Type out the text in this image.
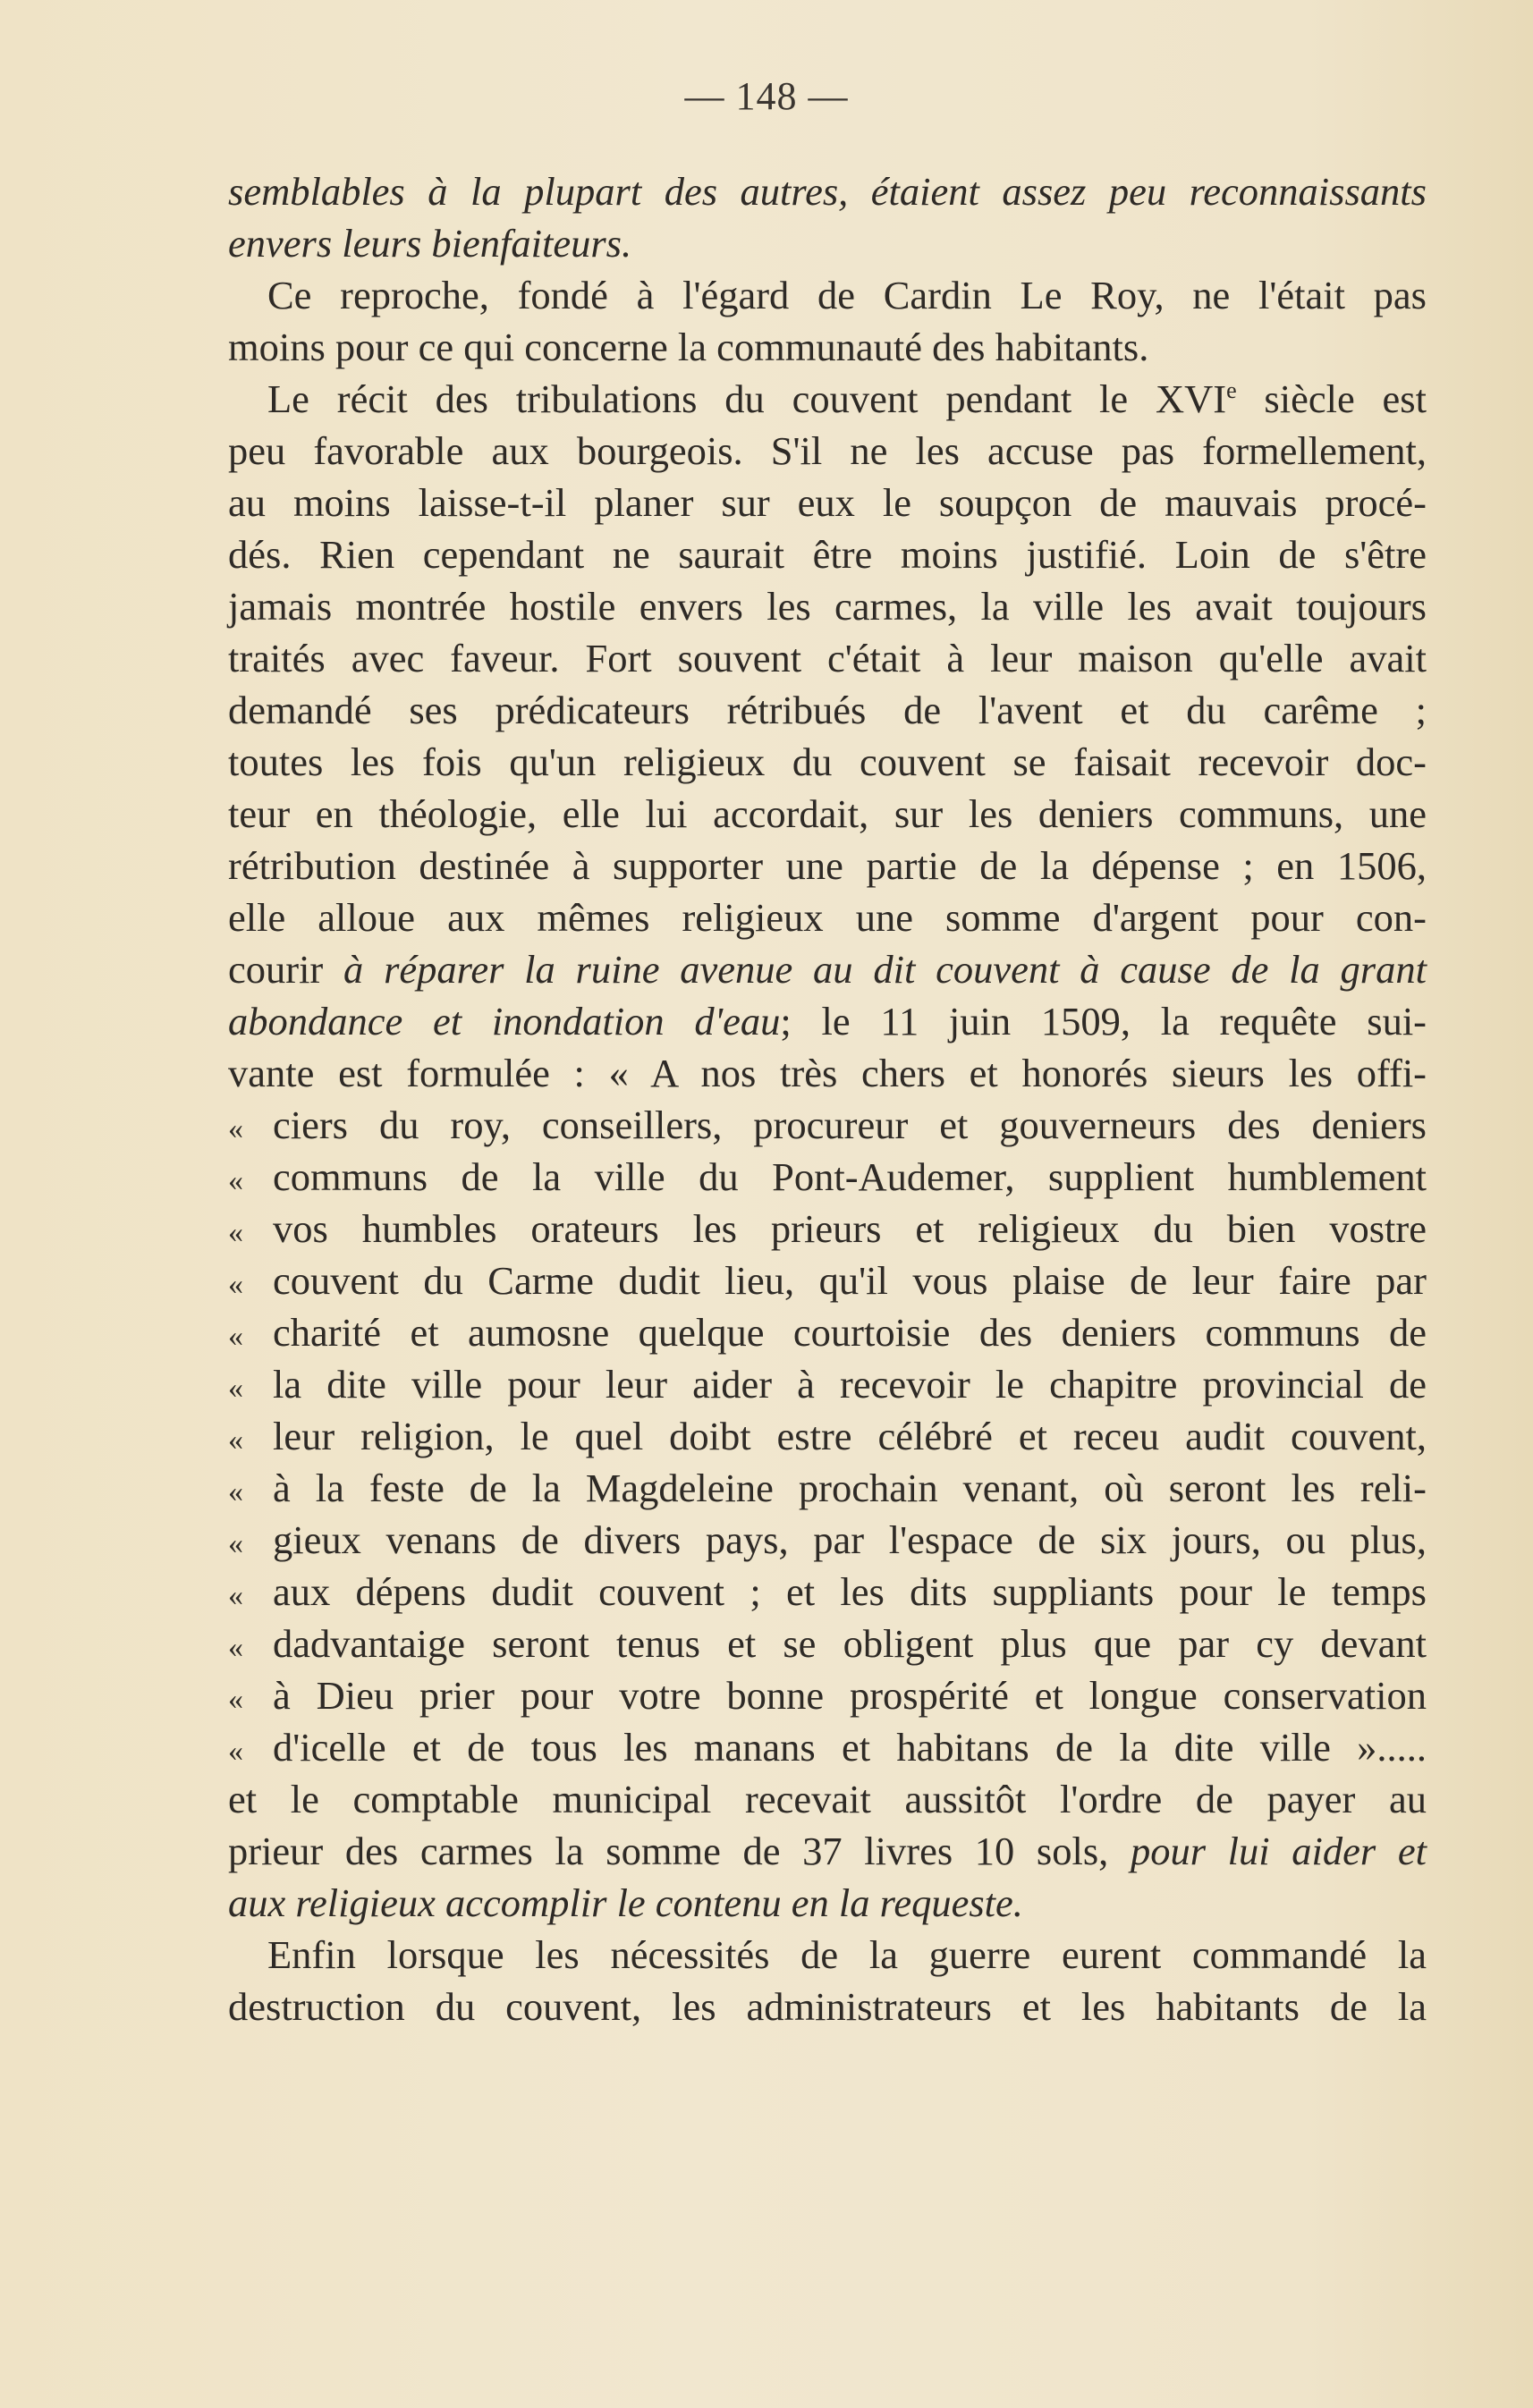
— 148 —
semblables à la plupart des autres, étaient assez peu reconnaissants
envers leurs bienfaiteurs.
Ce reproche, fondé à l'égard de Cardin Le Roy, ne l'était pas
moins pour ce qui concerne la communauté des habitants.
Le récit des tribulations du couvent pendant le XVIe siècle est
peu favorable aux bourgeois. S'il ne les accuse pas formellement,
au moins laisse-t-il planer sur eux le soupçon de mauvais procé-
dés. Rien cependant ne saurait être moins justifié. Loin de s'être
jamais montrée hostile envers les carmes, la ville les avait toujours
traités avec faveur. Fort souvent c'était à leur maison qu'elle avait
demandé ses prédicateurs rétribués de l'avent et du carême ;
toutes les fois qu'un religieux du couvent se faisait recevoir doc-
teur en théologie, elle lui accordait, sur les deniers communs, une
rétribution destinée à supporter une partie de la dépense ; en 1506,
elle alloue aux mêmes religieux une somme d'argent pour con-
courir à réparer la ruine avenue au dit couvent à cause de la grant
abondance et inondation d'eau; le 11 juin 1509, la requête sui-
vante est formulée : « A nos très chers et honorés sieurs les offi-
« ciers du roy, conseillers, procureur et gouverneurs des deniers
« communs de la ville du Pont-Audemer, supplient humblement
« vos humbles orateurs les prieurs et religieux du bien vostre
« couvent du Carme dudit lieu, qu'il vous plaise de leur faire par
« charité et aumosne quelque courtoisie des deniers communs de
« la dite ville pour leur aider à recevoir le chapitre provincial de
« leur religion, le quel doibt estre célébré et receu audit couvent,
« à la feste de la Magdeleine prochain venant, où seront les reli-
« gieux venans de divers pays, par l'espace de six jours, ou plus,
« aux dépens dudit couvent ; et les dits suppliants pour le temps
« dadvantaige seront tenus et se obligent plus que par cy devant
« à Dieu prier pour votre bonne prospérité et longue conservation
« d'icelle et de tous les manans et habitans de la dite ville ».....
et le comptable municipal recevait aussitôt l'ordre de payer au
prieur des carmes la somme de 37 livres 10 sols, pour lui aider et
aux religieux accomplir le contenu en la requeste.
Enfin lorsque les nécessités de la guerre eurent commandé la
destruction du couvent, les administrateurs et les habitants de la
